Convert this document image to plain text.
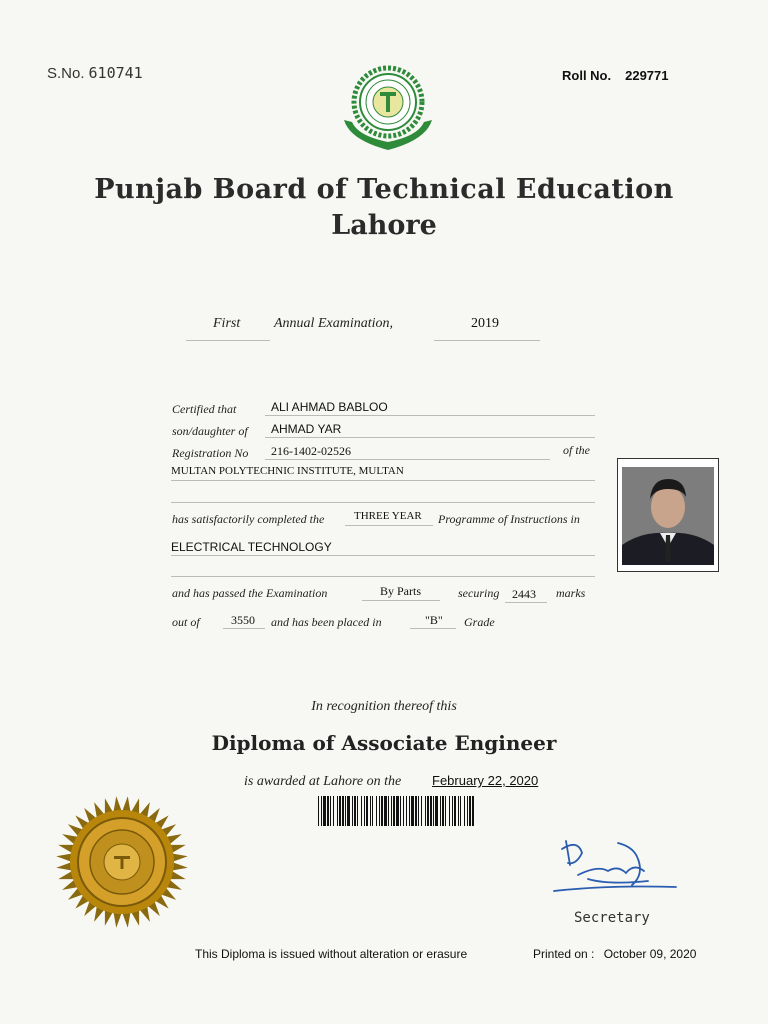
S.No. 610741	Roll No. 229771
Punjab Board of Technical Education
Lahore
First Annual Examination,	2019
Certified that	ALI AHMAD BABLOO
son/daughter of AHMAD YAR
Registration No 216-1402-02526	of the
MULTAN POLYTECHNIC INSTITUTE, MULTAN
has satisfactorily completed the	THREE YEAR Programme of Instructions in
ELECTRICAL TECHNOLOGY
and has passed the Examination	By Parts	securing 2443 marks
out of	3550 and has been placed in	"B" Grade
In recognition thereof this
Diploma of Associate Engineer
is awarded at Lahore on the February 22, 2020
Secretary
This Diploma is issued without alteration or erasure	Printed on : October 09, 2020
